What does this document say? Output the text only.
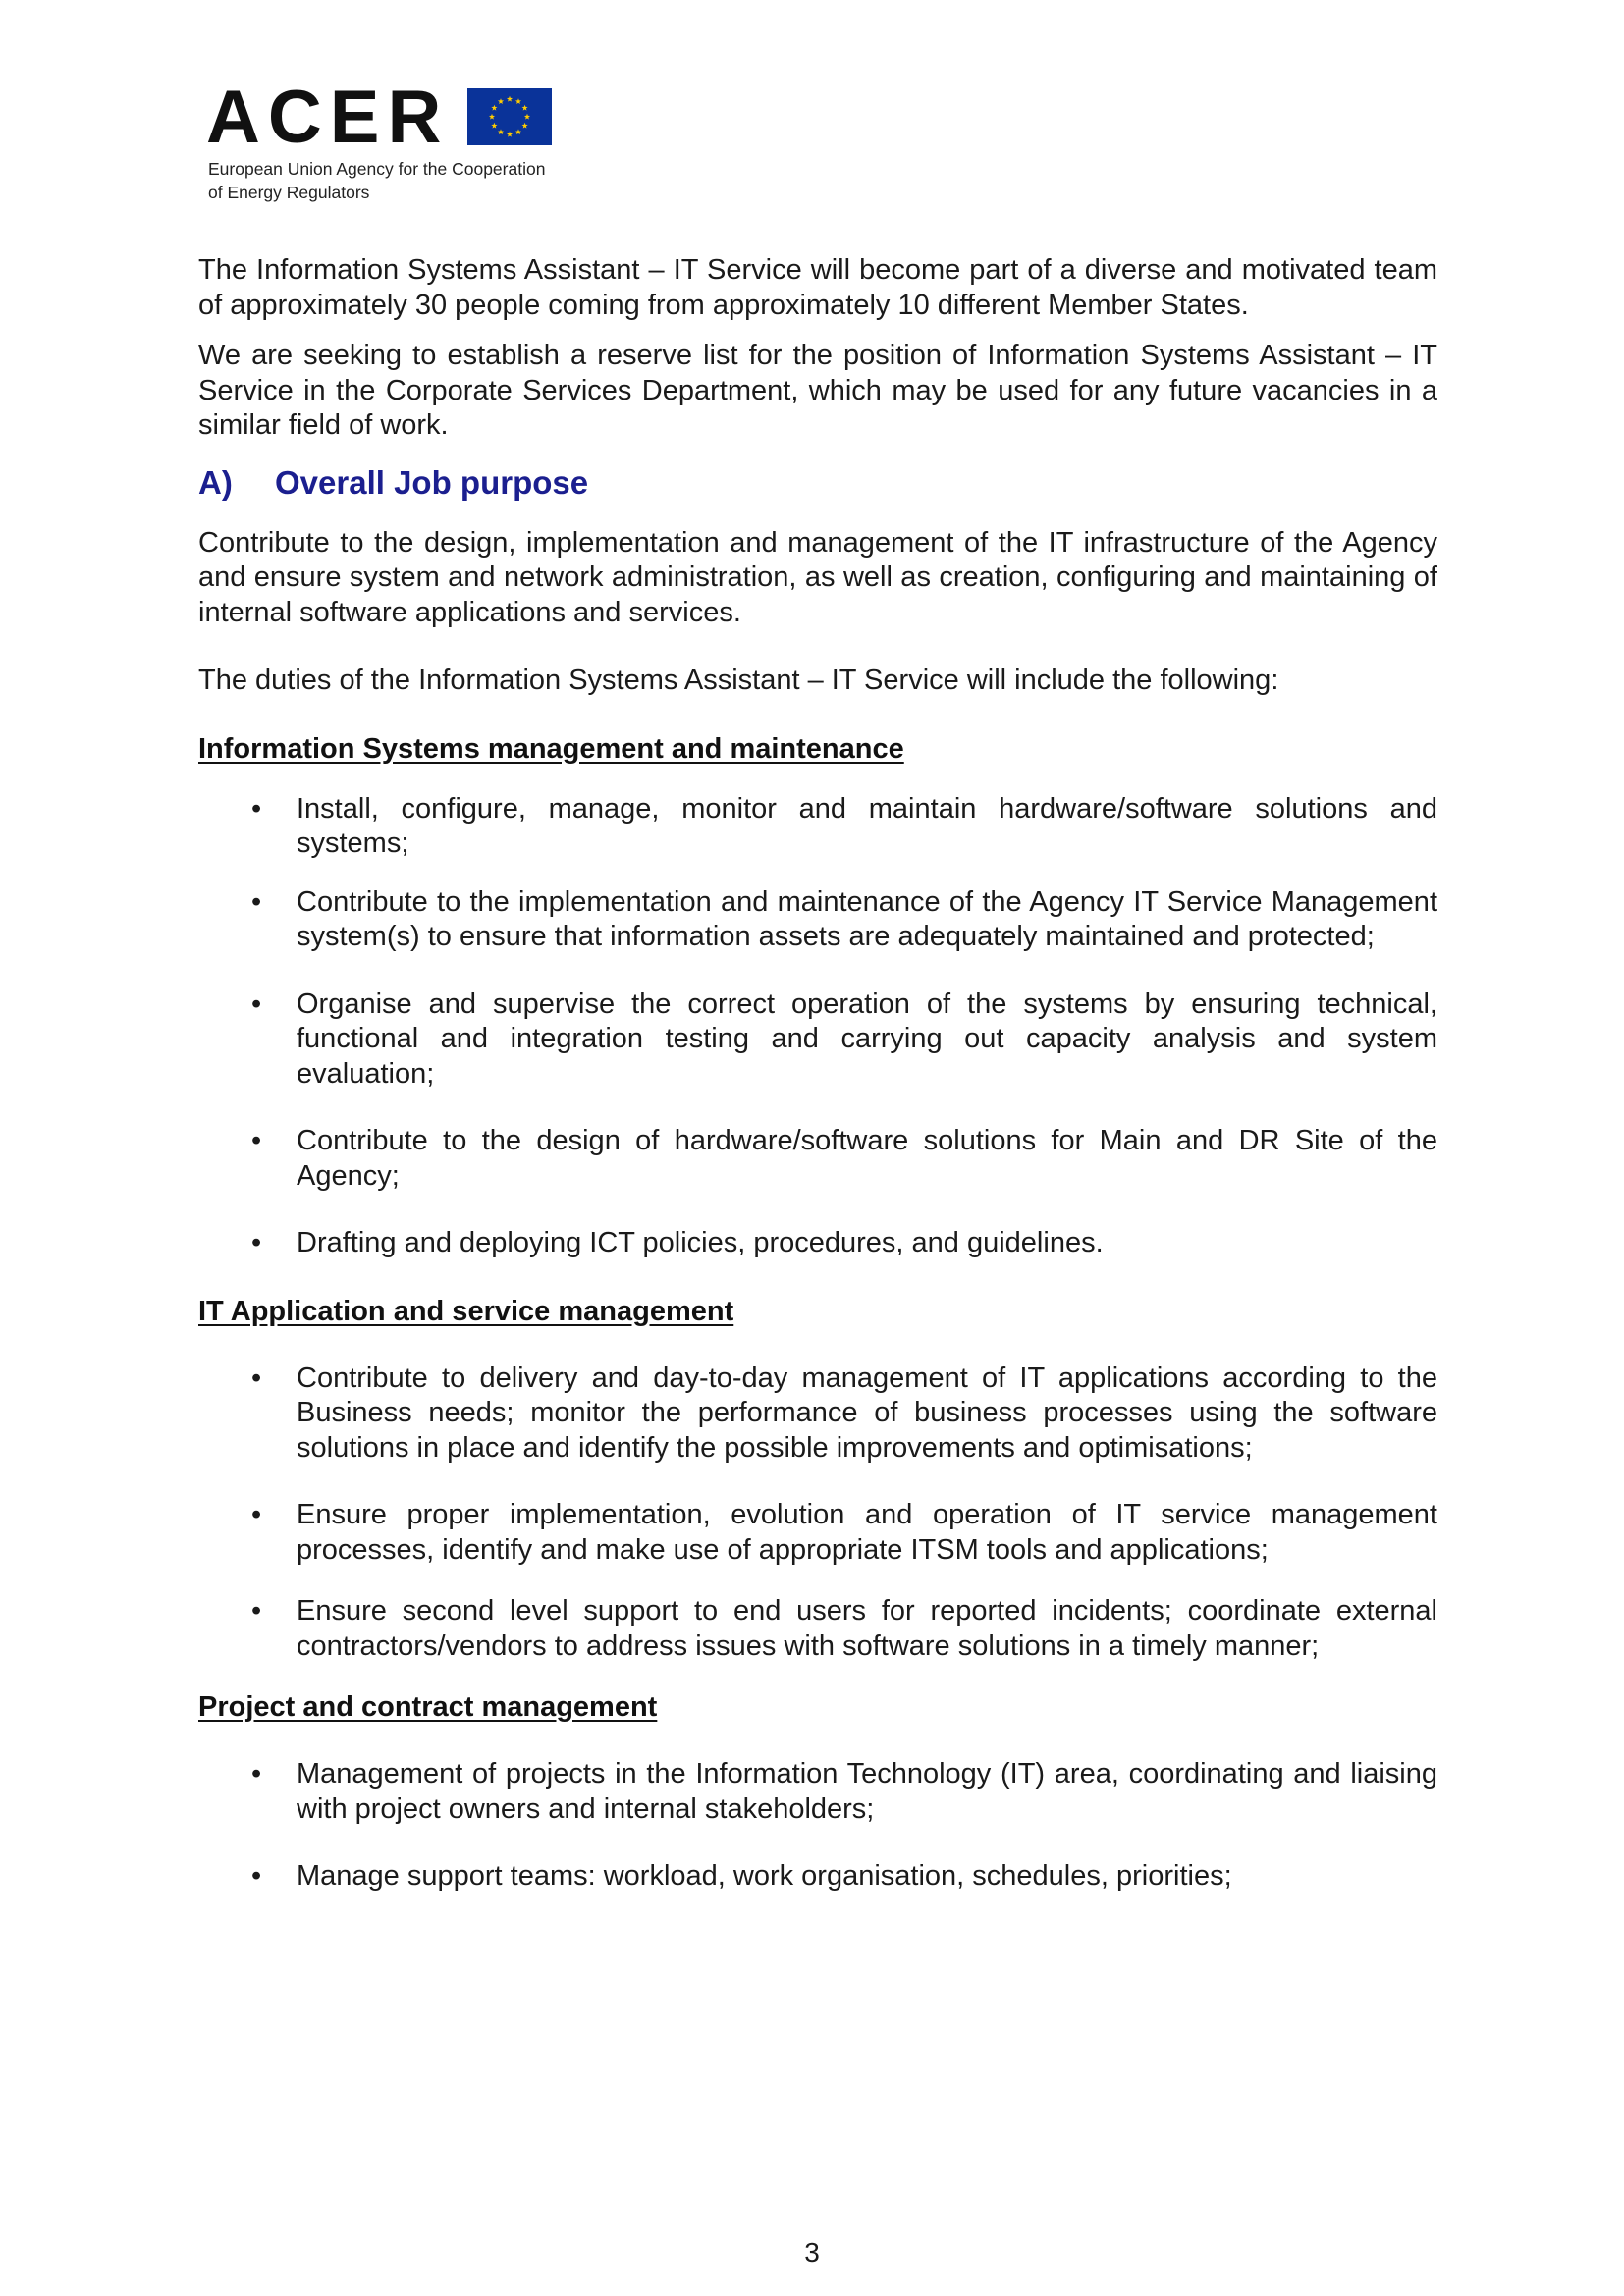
ACER
European Union Agency for the Cooperation
of Energy Regulators

The Information Systems Assistant – IT Service will become part of a diverse and motivated team of approximately 30 people coming from approximately 10 different Member States.

We are seeking to establish a reserve list for the position of Information Systems Assistant – IT Service in the Corporate Services Department, which may be used for any future vacancies in a similar field of work.

A) Overall Job purpose

Contribute to the design, implementation and management of the IT infrastructure of the Agency and ensure system and network administration, as well as creation, configuring and maintaining of internal software applications and services.

The duties of the Information Systems Assistant – IT Service will include the following:

Information Systems management and maintenance
• Install, configure, manage, monitor and maintain hardware/software solutions and systems;
• Contribute to the implementation and maintenance of the Agency IT Service Management system(s) to ensure that information assets are adequately maintained and protected;
• Organise and supervise the correct operation of the systems by ensuring technical, functional and integration testing and carrying out capacity analysis and system evaluation;
• Contribute to the design of hardware/software solutions for Main and DR Site of the Agency;
• Drafting and deploying ICT policies, procedures, and guidelines.
IT Application and service management
• Contribute to delivery and day-to-day management of IT applications according to the Business needs; monitor the performance of business processes using the software solutions in place and identify the possible improvements and optimisations;
• Ensure proper implementation, evolution and operation of IT service management processes, identify and make use of appropriate ITSM tools and applications;
• Ensure second level support to end users for reported incidents; coordinate external contractors/vendors to address issues with software solutions in a timely manner;
Project and contract management
• Management of projects in the Information Technology (IT) area, coordinating and liaising with project owners and internal stakeholders;
• Manage support teams: workload, work organisation, schedules, priorities;
3
